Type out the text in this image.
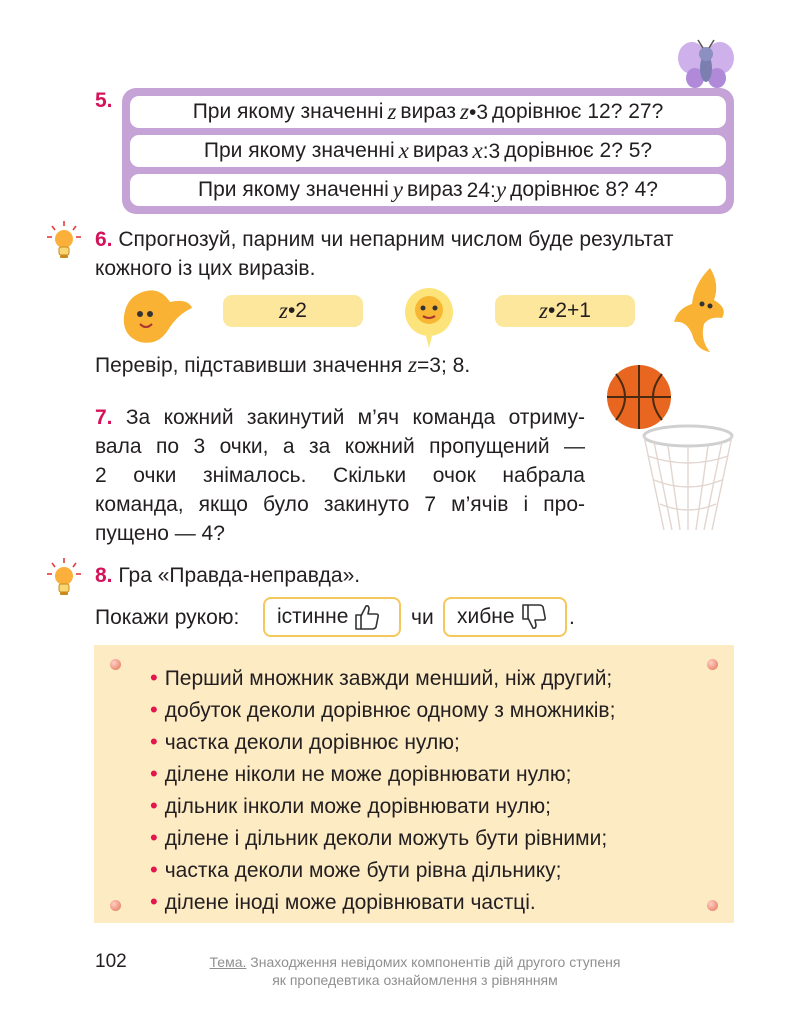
5.	При якому значенні z вираз z•3 дорівнює 12? 27?
При якому значенні x вираз x:3 дорівнює 2? 5?
При якому значенні y вираз 24:y дорівнює 8? 4?
6. Спрогнозуй, парним чи непарним числом буде результат
кожного із цих виразів.
z •2	z •2+1
Перевір, підставивши значення z=3; 8.
7. За кожний закинутий м’яч команда отриму-
вала по 3 очки, а за кожний пропущений —
2 очки знімалось. Скільки очок набрала
команда, якщо було закинуто 7 м’ячів і про-
пущено — 4?
8. Гра «Правда-неправда».
Покажи рукою: істинне	чи хибне	.
• Перший множник завжди менший, ніж другий;
• добуток деколи дорівнює одному з множників;
• частка деколи дорівнює нулю;
• ділене ніколи не може дорівнювати нулю;
• дільник інколи може дорівнювати нулю;
• ділене і дільник деколи можуть бути рівними;
• частка деколи може бути рівна дільнику;
• ділене іноді може дорівнювати частці.
102	Тема. Знаходження невідомих компонентів дій другого ступеня
як пропедевтика ознайомлення з рівнянням
